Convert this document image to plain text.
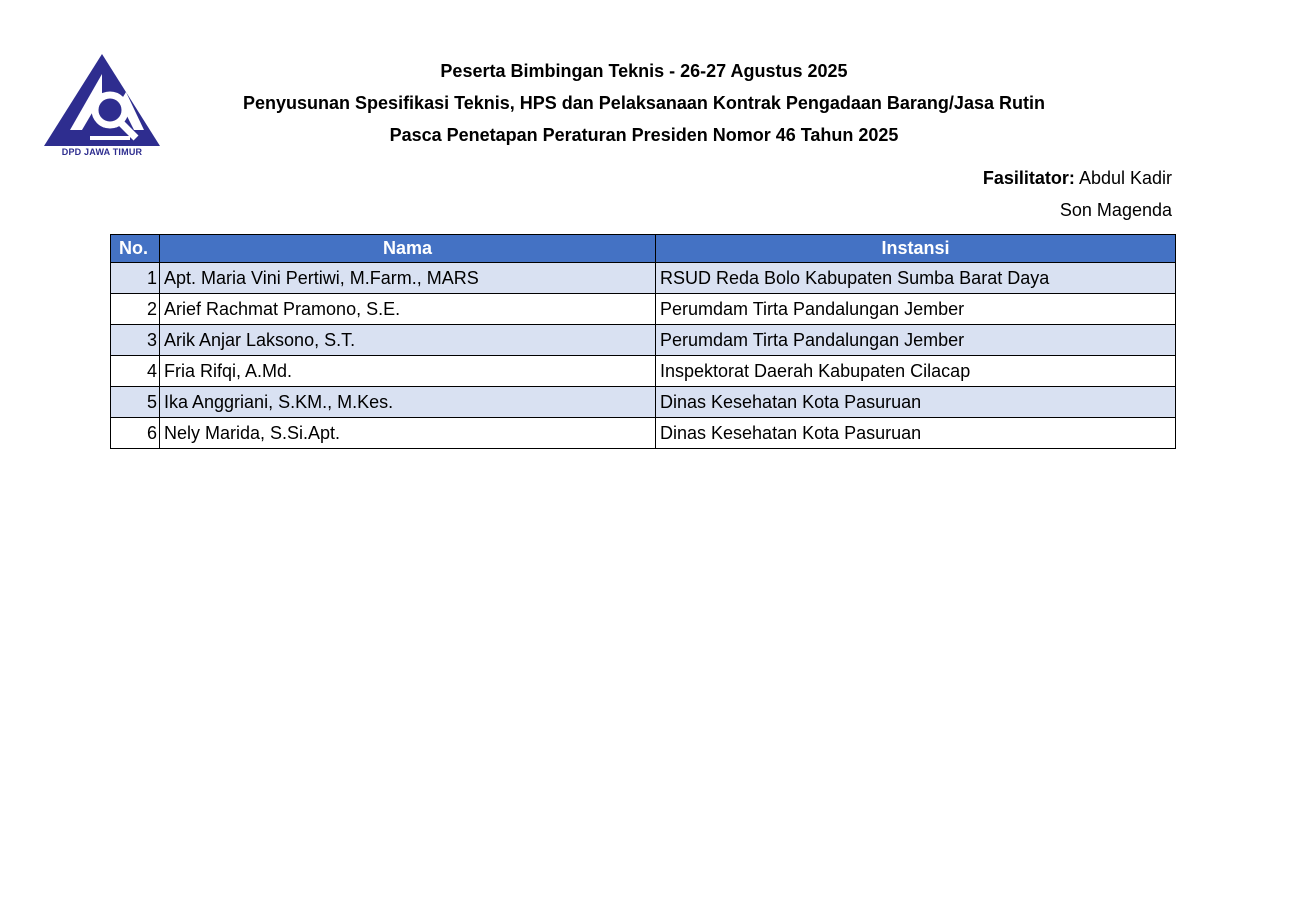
DPD JAWA TIMUR
Peserta Bimbingan Teknis - 26-27 Agustus 2025
Penyusunan Spesifikasi Teknis, HPS dan Pelaksanaan Kontrak Pengadaan Barang/Jasa Rutin
Pasca Penetapan Peraturan Presiden Nomor 46 Tahun 2025
Fasilitator: Abdul Kadir
Son Magenda
No.	Nama	Instansi
1	Apt. Maria Vini Pertiwi, M.Farm., MARS	RSUD Reda Bolo Kabupaten Sumba Barat Daya
2	Arief Rachmat Pramono, S.E.	Perumdam Tirta Pandalungan Jember
3	Arik Anjar Laksono, S.T.	Perumdam Tirta Pandalungan Jember
4	Fria Rifqi, A.Md.	Inspektorat Daerah Kabupaten Cilacap
5	Ika Anggriani, S.KM., M.Kes.	Dinas Kesehatan Kota Pasuruan
6	Nely Marida, S.Si.Apt.	Dinas Kesehatan Kota Pasuruan
